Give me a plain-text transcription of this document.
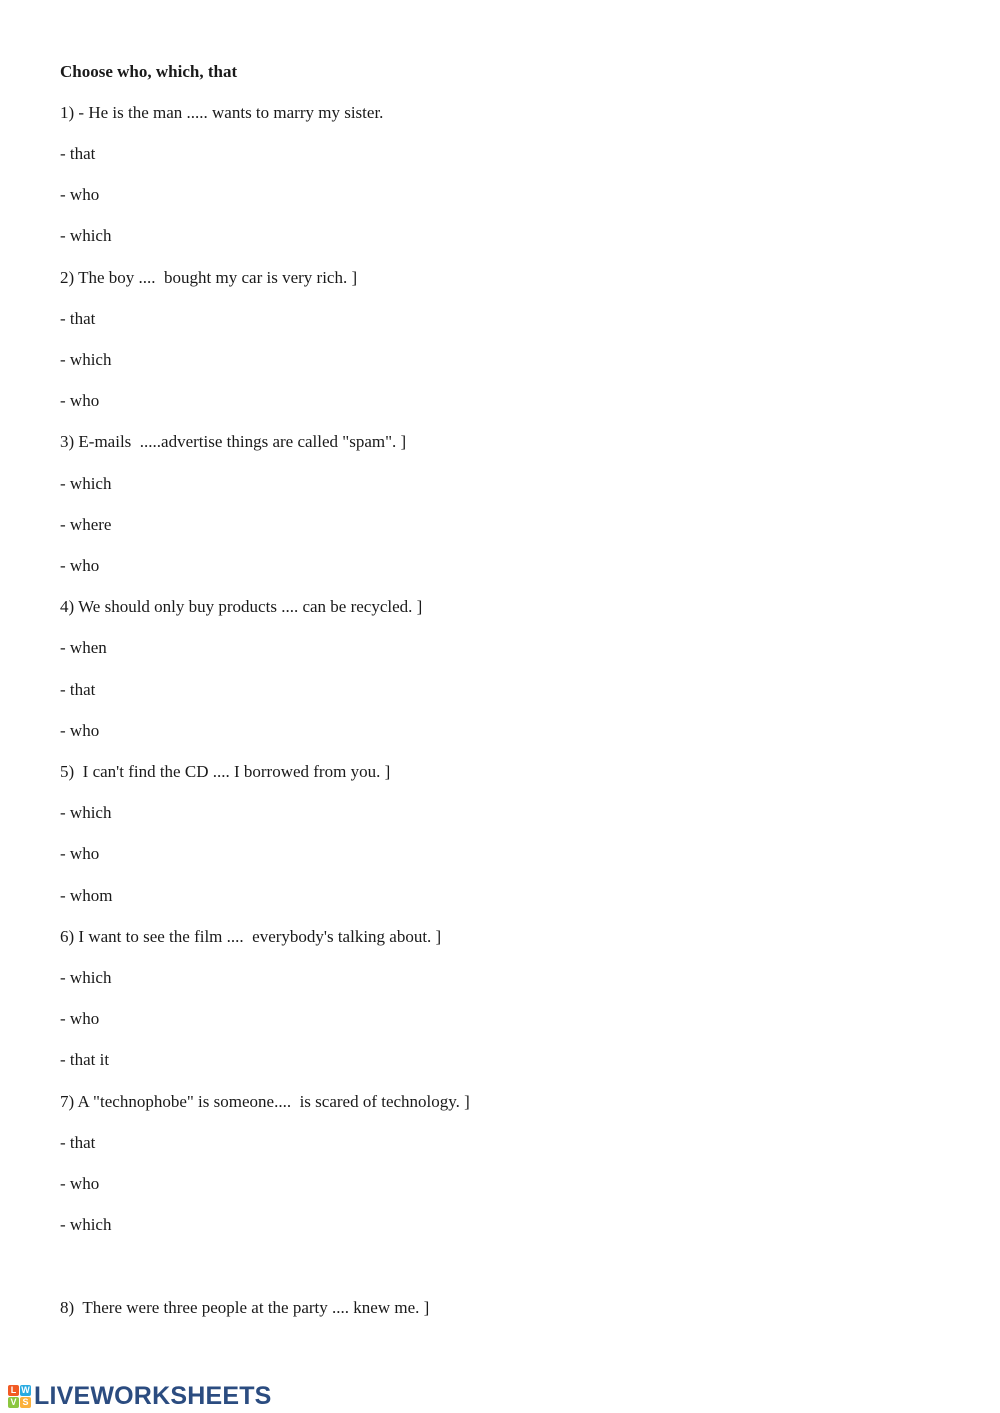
Choose who, which, that
1) - He is the man ..... wants to marry my sister.
- that
- who
- which
2) The boy ....  bought my car is very rich. ]
- that
- which
- who
3) E-mails  .....advertise things are called "spam". ]
- which
- where
- who
4) We should only buy products .... can be recycled. ]
- when
- that
- who
5)  I can't find the CD .... I borrowed from you. ]
- which
- who
- whom
6) I want to see the film ....  everybody's talking about. ]
- which
- who
- that it
7) A "technophobe" is someone....  is scared of technology. ]
- that
- who
- which
8)  There were three people at the party .... knew me. ]
L W
V S LIVEWORKSHEETS
